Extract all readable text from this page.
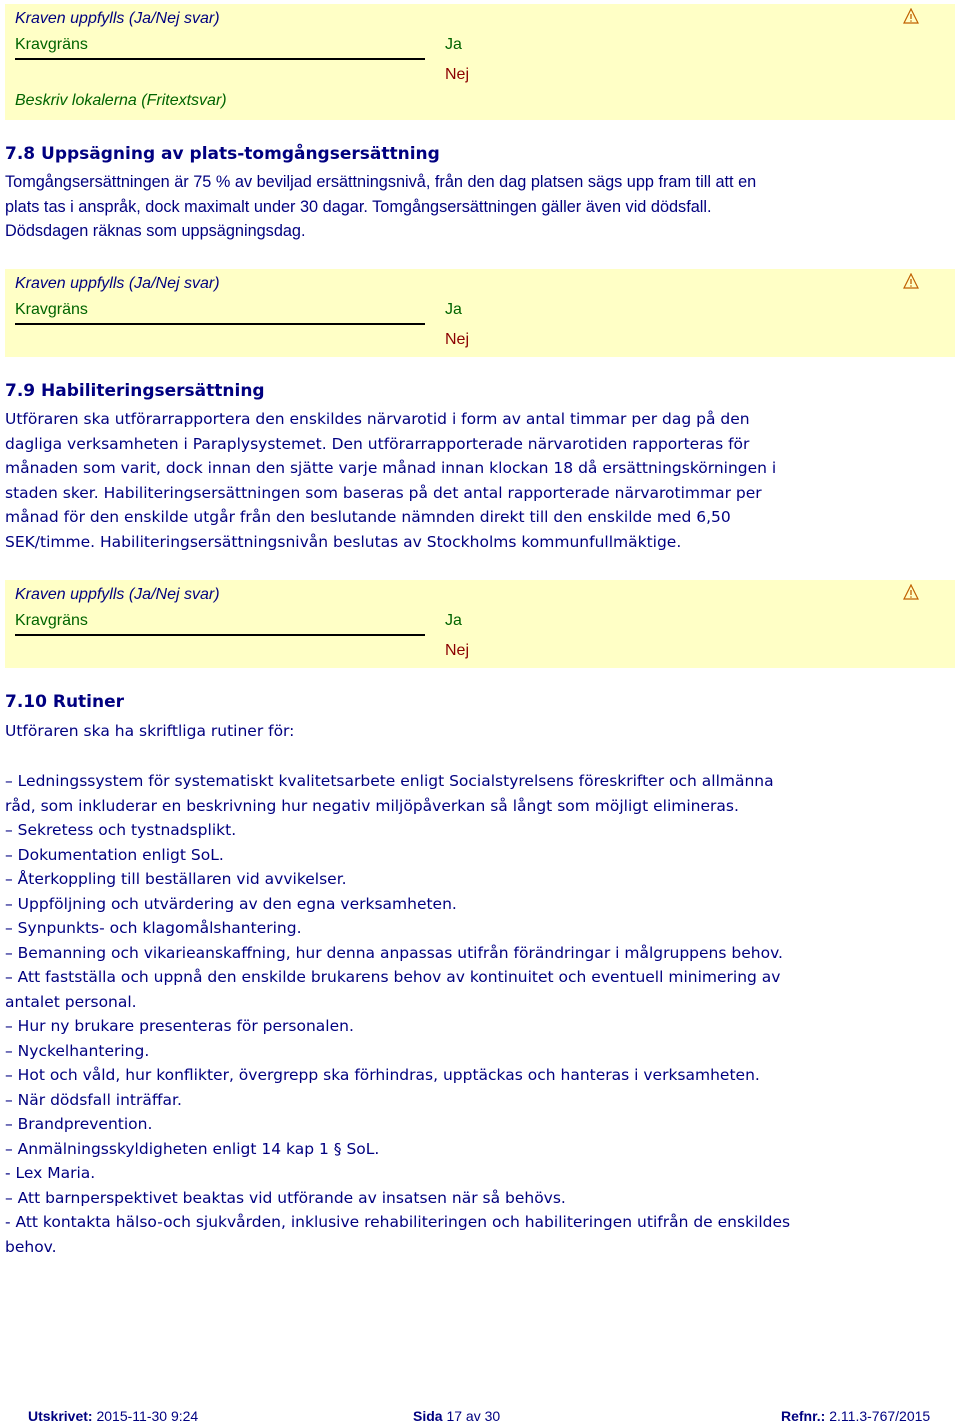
Kraven uppfylls (Ja/Nej svar)
Kravgräns	Ja
Nej
Beskriv lokalerna (Fritextsvar)
7.8 Uppsägning av plats-tomgångsersättning
Tomgångsersättningen är 75 % av beviljad ersättningsnivå, från den dag platsen sägs upp fram till att en plats tas i anspråk, dock maximalt under 30 dagar. Tomgångsersättningen gäller även vid dödsfall. Dödsdagen räknas som uppsägningsdag.
Kraven uppfylls (Ja/Nej svar)
Kravgräns	Ja
Nej
7.9 Habiliteringsersättning
Utföraren ska utförarrapportera den enskildes närvarotid i form av antal timmar per dag på den dagliga verksamheten i Paraplysystemet. Den utförarrapporterade närvarotiden rapporteras för månaden som varit, dock innan den sjätte varje månad innan klockan 18 då ersättningskörningen i staden sker. Habiliteringsersättningen som baseras på det antal rapporterade närvarotimmar per månad för den enskilde utgår från den beslutande nämnden direkt till den enskilde med 6,50 SEK/timme. Habiliteringsersättningsnivån beslutas av Stockholms kommunfullmäktige.
Kraven uppfylls (Ja/Nej svar)
Kravgräns	Ja
Nej
7.10 Rutiner
Utföraren ska ha skriftliga rutiner för:
– Ledningssystem för systematiskt kvalitetsarbete enligt Socialstyrelsens föreskrifter och allmänna råd, som inkluderar en beskrivning hur negativ miljöpåverkan så långt som möjligt elimineras.
– Sekretess och tystnadsplikt.
– Dokumentation enligt SoL.
– Återkoppling till beställaren vid avvikelser.
– Uppföljning och utvärdering av den egna verksamheten.
– Synpunkts- och klagomålshantering.
– Bemanning och vikarieanskaffning, hur denna anpassas utifrån förändringar i målgruppens behov.
– Att fastställa och uppnå den enskilde brukarens behov av kontinuitet och eventuell minimering av antalet personal.
– Hur ny brukare presenteras för personalen.
– Nyckelhantering.
– Hot och våld, hur konflikter, övergrepp ska förhindras, upptäckas och hanteras i verksamheten.
– När dödsfall inträffar.
– Brandprevention.
– Anmälningsskyldigheten enligt 14 kap 1 § SoL.
- Lex Maria.
– Att barnperspektivet beaktas vid utförande av insatsen när så behövs.
- Att kontakta hälso-och sjukvården, inklusive rehabiliteringen och habiliteringen utifrån de enskildes behov.
Utskrivet: 2015-11-30 9:24	Sida 17 av 30	Refnr.: 2.11.3-767/2015
